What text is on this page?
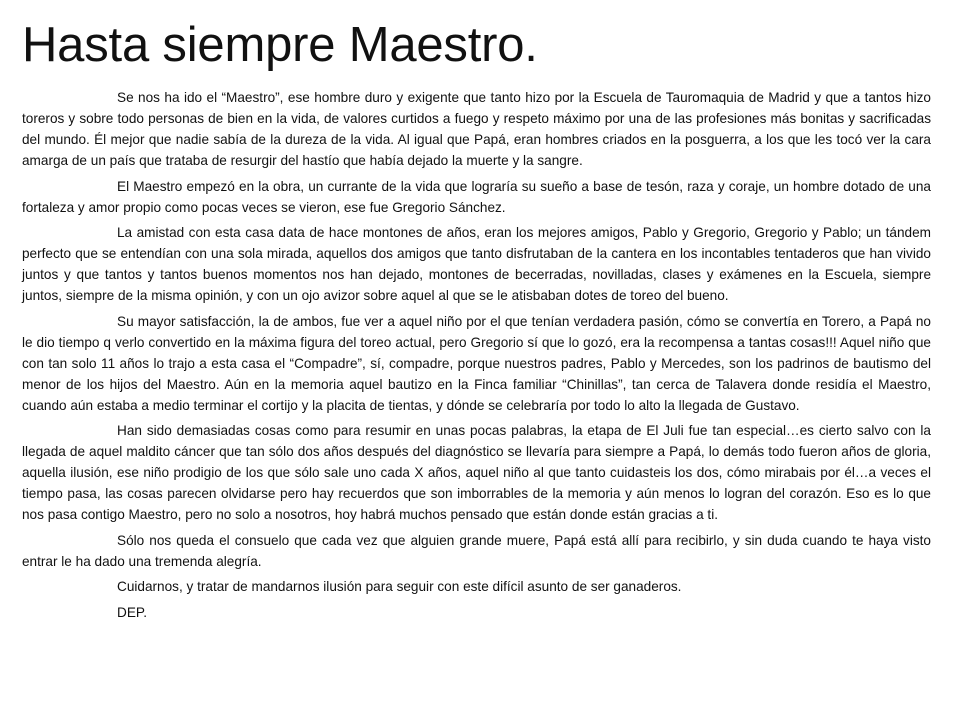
Hasta siempre Maestro.

Se nos ha ido el “Maestro”, ese hombre duro y exigente que tanto hizo por la Escuela de Tauromaquia de Madrid y que a tantos hizo toreros y sobre todo personas de bien en la vida, de valores curtidos a fuego y respeto máximo por una de las profesiones más bonitas y sacrificadas del mundo. Él mejor que nadie sabía de la dureza de la vida. Al igual que Papá, eran hombres criados en la posguerra, a los que les tocó ver la cara amarga de un país que trataba de resurgir del hastío que había dejado la muerte y la sangre.

El Maestro empezó en la obra, un currante de la vida que lograría su sueño a base de tesón, raza y coraje, un hombre dotado de una fortaleza y amor propio como pocas veces se vieron, ese fue Gregorio Sánchez.

La amistad con esta casa data de hace montones de años, eran los mejores amigos, Pablo y Gregorio, Gregorio y Pablo; un tándem perfecto que se entendían con una sola mirada, aquellos dos amigos que tanto disfrutaban de la cantera en los incontables tentaderos que han vivido juntos y que tantos y tantos buenos momentos nos han dejado, montones de becerradas, novilladas, clases y exámenes en la Escuela, siempre juntos, siempre de la misma opinión, y con un ojo avizor sobre aquel al que se le atisbaban dotes de toreo del bueno.

Su mayor satisfacción, la de ambos, fue ver a aquel niño por el que tenían verdadera pasión, cómo se convertía en Torero, a Papá no le dio tiempo q verlo convertido en la máxima figura del toreo actual, pero Gregorio sí que lo gozó, era la recompensa a tantas cosas!!! Aquel niño que con tan solo 11 años lo trajo a esta casa el “Compadre”, sí, compadre, porque nuestros padres, Pablo y Mercedes, son los padrinos de bautismo del menor de los hijos del Maestro. Aún en la memoria aquel bautizo en la Finca familiar “Chinillas”, tan cerca de Talavera donde residía el Maestro, cuando aún estaba a medio terminar el cortijo y la placita de tientas, y dónde se celebraría por todo lo alto la llegada de Gustavo.

Han sido demasiadas cosas como para resumir en unas pocas palabras, la etapa de El Juli fue tan especial…es cierto salvo con la llegada de aquel maldito cáncer que tan sólo dos años después del diagnóstico se llevaría para siempre a Papá, lo demás todo fueron años de gloria, aquella ilusión, ese niño prodigio de los que sólo sale uno cada X años, aquel niño al que tanto cuidasteis los dos, cómo mirabais por él…a veces el tiempo pasa, las cosas parecen olvidarse pero hay recuerdos que son imborrables de la memoria y aún menos lo logran del corazón. Eso es lo que nos pasa contigo Maestro, pero no solo a nosotros, hoy habrá muchos pensado que están donde están gracias a ti.

Sólo nos queda el consuelo que cada vez que alguien grande muere, Papá está allí para recibirlo, y sin duda cuando te haya visto entrar le ha dado una tremenda alegría.

Cuidarnos, y tratar de mandarnos ilusión para seguir con este difícil asunto de ser ganaderos.

DEP.
